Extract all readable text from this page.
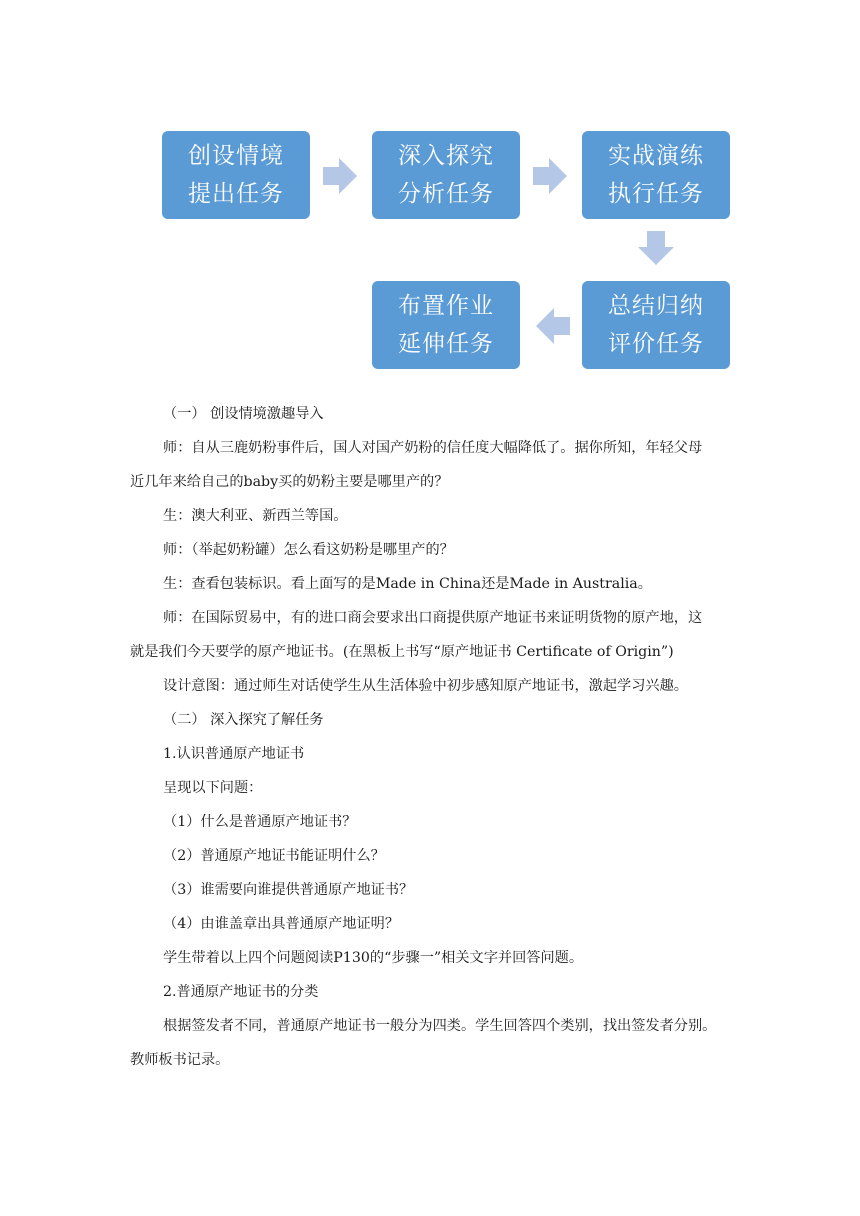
创设情境
提出任务
深入探究
分析任务
实战演练
执行任务
总结归纳
评价任务
布置作业
延伸任务
（一） 创设情境激趣导入
师：自从三鹿奶粉事件后，国人对国产奶粉的信任度大幅降低了。据你所知，年轻父母
近几年来给自己的baby买的奶粉主要是哪里产的？
生：澳大利亚、新西兰等国。
师：（举起奶粉罐）怎么看这奶粉是哪里产的？
生：查看包装标识。看上面写的是Made in China还是Made in Australia。
师：在国际贸易中，有的进口商会要求出口商提供原产地证书来证明货物的原产地，这
就是我们今天要学的原产地证书。(在黑板上书写“原产地证书 Certificate of Origin”)
设计意图：通过师生对话使学生从生活体验中初步感知原产地证书，激起学习兴趣。
（二） 深入探究了解任务
1.认识普通原产地证书
呈现以下问题：
（1）什么是普通原产地证书？
（2）普通原产地证书能证明什么？
（3）谁需要向谁提供普通原产地证书？
（4）由谁盖章出具普通原产地证明？
学生带着以上四个问题阅读P130的“步骤一”相关文字并回答问题。
2.普通原产地证书的分类
根据签发者不同，普通原产地证书一般分为四类。学生回答四个类别，找出签发者分别。
教师板书记录。
